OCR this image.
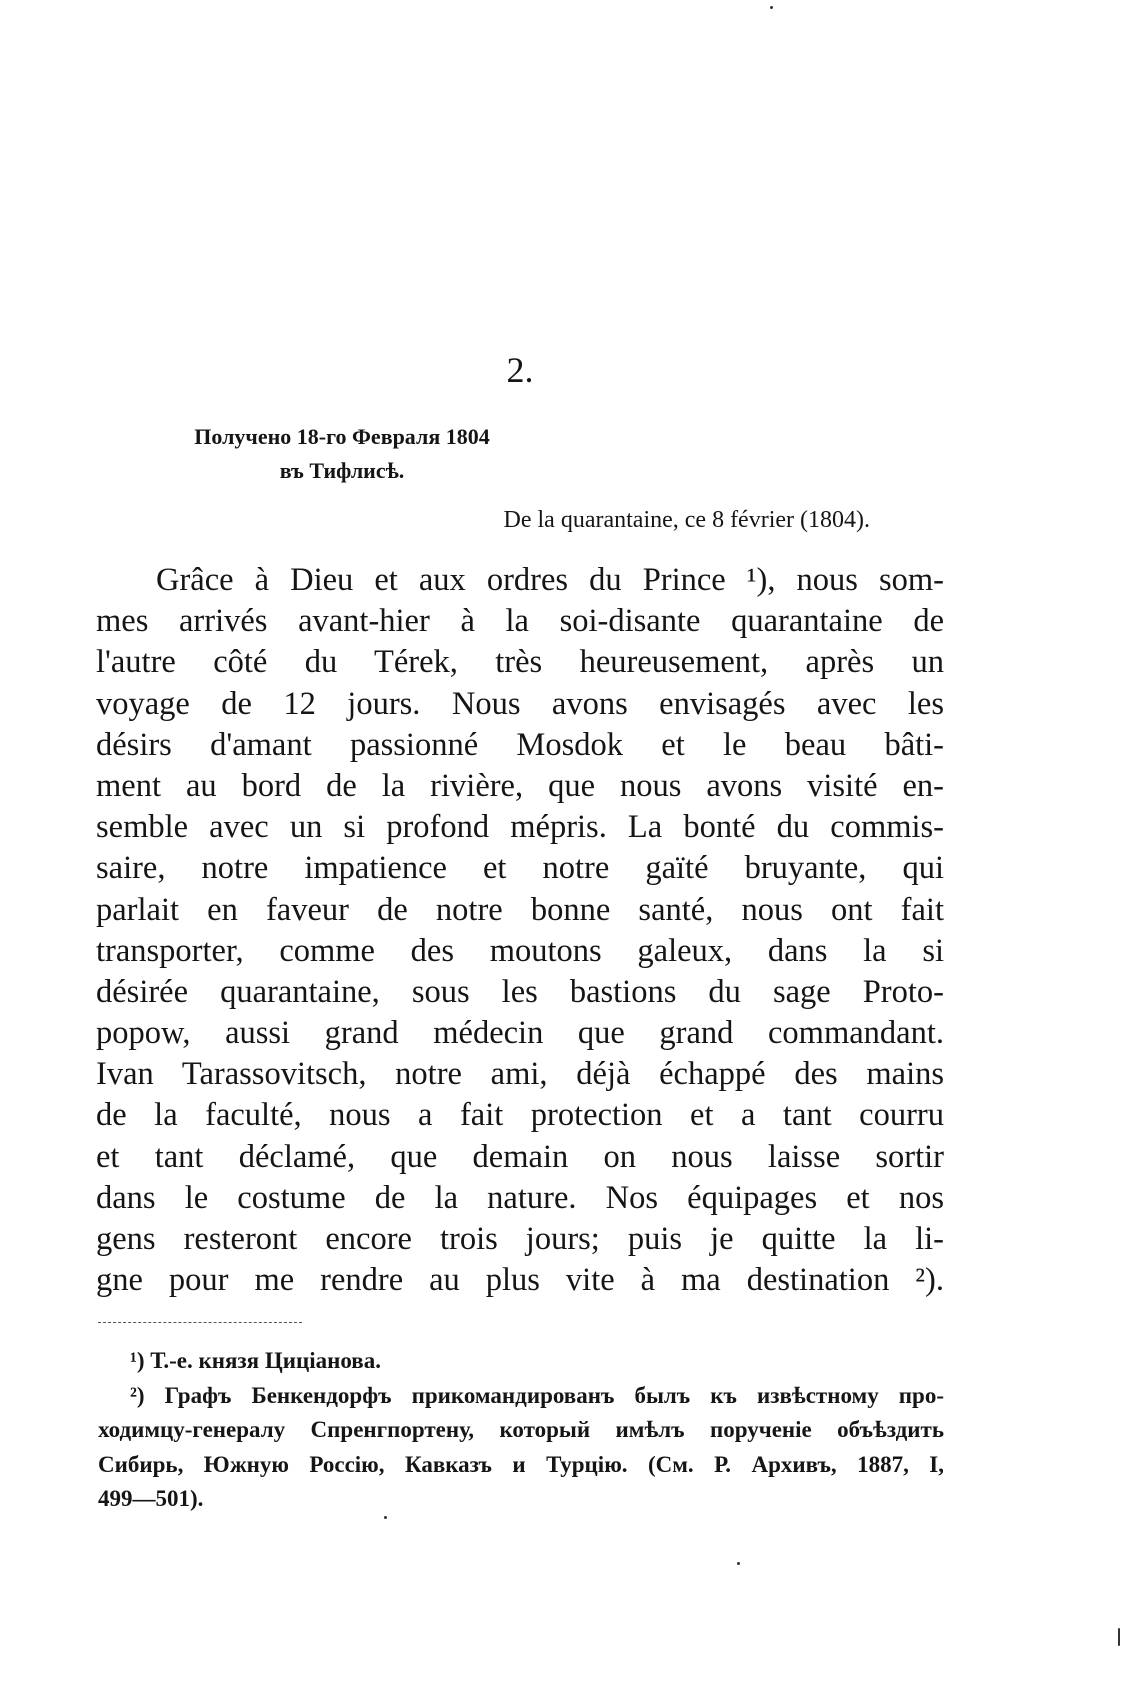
2.
Получено 18-го Февраля 1804
въ Тифлисѣ.
De la quarantaine, ce 8 février (1804).
Grâce à Dieu et aux ordres du Prince ¹), nous som-
mes arrivés avant-hier à la soi-disante quarantaine de
l'autre côté du Térek, très heureusement, après un
voyage de 12 jours. Nous avons envisagés avec les
désirs d'amant passionné Mosdok et le beau bâti-
ment au bord de la rivière, que nous avons visité en-
semble avec un si profond mépris. La bonté du commis-
saire, notre impatience et notre gaïté bruyante, qui
parlait en faveur de notre bonne santé, nous ont fait
transporter, comme des moutons galeux, dans la si
désirée quarantaine, sous les bastions du sage Proto-
popow, aussi grand médecin que grand commandant.
Ivan Tarassovitsch, notre ami, déjà échappé des mains
de la faculté, nous a fait protection et a tant courru
et tant déclamé, que demain on nous laisse sortir
dans le costume de la nature. Nos équipages et nos
gens resteront encore trois jours; puis je quitte la li-
gne pour me rendre au plus vite à ma destination ²).
¹) Т.-е. князя Цицiанова.
²) Графъ Бенкендорфъ прикомандированъ былъ къ извѣстному про-
ходимцу-генералу Спренгпортену, который имѣлъ порученiе объѣздить
Сибирь, Южную Россiю, Кавказъ и Турцiю. (См. Р. Архивъ, 1887, I,
499—501).
